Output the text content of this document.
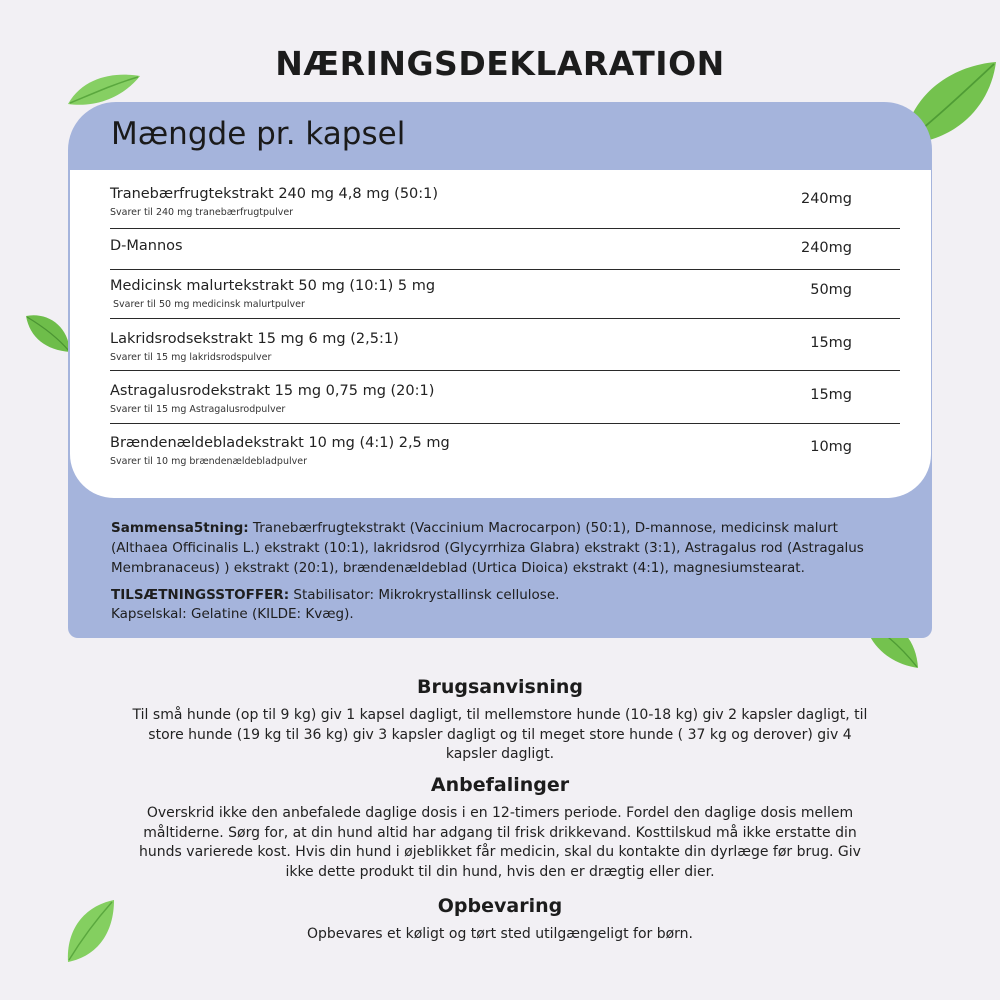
NÆRINGSDEKLARATION
Mængde pr. kapsel
Tranebærfrugtekstrakt 240 mg 4,8 mg (50:1)
Svarer til 240 mg tranebærfrugtpulver
240mg
D-Mannos	240mg
Medicinsk malurtekstrakt 50 mg (10:1) 5 mg
Svarer til 50 mg medicinsk malurtpulver
50mg
Lakridsrodsekstrakt 15 mg 6 mg (2,5:1)
Svarer til 15 mg lakridsrodspulver
15mg
Astragalusrodekstrakt 15 mg 0,75 mg (20:1)
Svarer til 15 mg Astragalusrodpulver
15mg
Brændenældebladekstrakt 10 mg (4:1) 2,5 mg
Svarer til 10 mg brændenældebladpulver
10mg
Sammensa5tning: Tranebærfrugtekstrakt (Vaccinium Macrocarpon) (50:1), D-mannose, medicinsk malurt (Althaea Officinalis L.) ekstrakt (10:1), lakridsrod (Glycyrrhiza Glabra) ekstrakt (3:1), Astragalus rod (Astragalus Membranaceus) ) ekstrakt (20:1), brændenældeblad (Urtica Dioica) ekstrakt (4:1), magnesiumstearat.
TILSÆTNINGSSTOFFER: Stabilisator: Mikrokrystallinsk cellulose.
Kapselskal: Gelatine (KILDE: Kvæg).
Brugsanvisning
Til små hunde (op til 9 kg) giv 1 kapsel dagligt, til mellemstore hunde (10-18 kg) giv 2 kapsler dagligt, til store hunde (19 kg til 36 kg) giv 3 kapsler dagligt og til meget store hunde ( 37 kg og derover) giv 4 kapsler dagligt.
Anbefalinger
Overskrid ikke den anbefalede daglige dosis i en 12-timers periode. Fordel den daglige dosis mellem måltiderne. Sørg for, at din hund altid har adgang til frisk drikkevand. Kosttilskud må ikke erstatte din hunds varierede kost. Hvis din hund i øjeblikket får medicin, skal du kontakte din dyrlæge før brug. Giv ikke dette produkt til din hund, hvis den er drægtig eller dier.
Opbevaring
Opbevares et køligt og tørt sted utilgængeligt for børn.
